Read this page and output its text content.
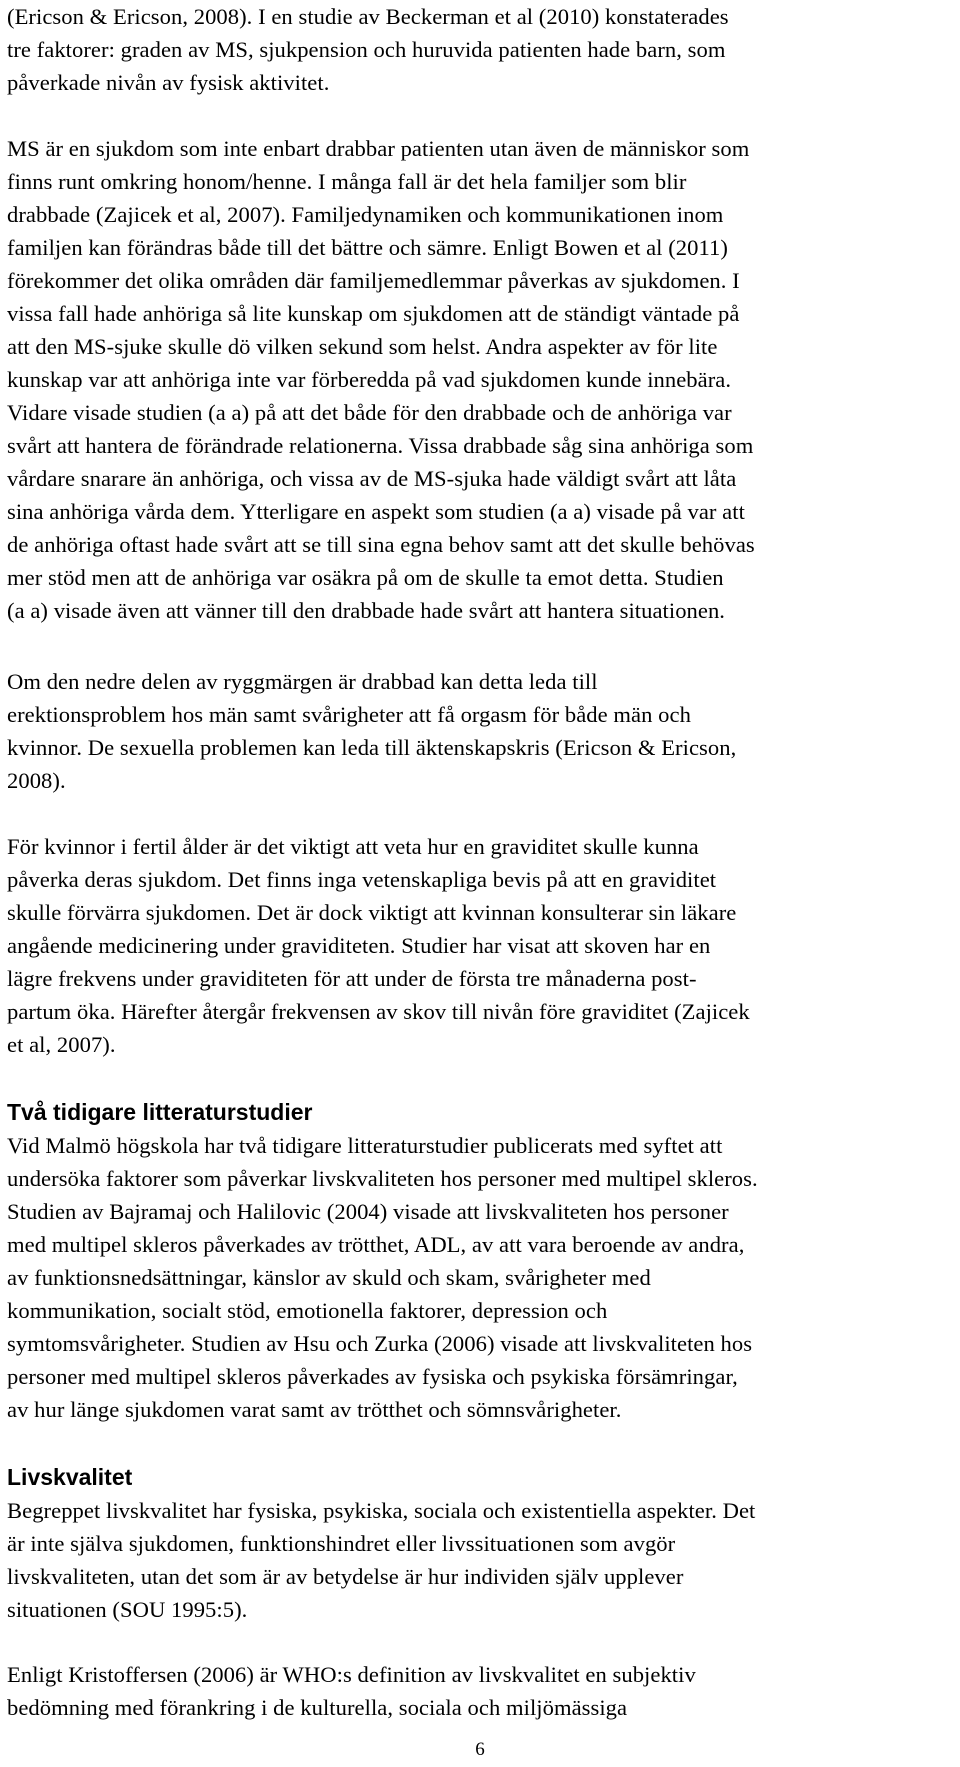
(Ericson & Ericson, 2008). I en studie av Beckerman et al (2010) konstaterades
tre faktorer: graden av MS, sjukpension och huruvida patienten hade barn, som
påverkade nivån av fysisk aktivitet.

MS är en sjukdom som inte enbart drabbar patienten utan även de människor som
finns runt omkring honom/henne. I många fall är det hela familjer som blir
drabbade (Zajicek et al, 2007). Familjedynamiken och kommunikationen inom
familjen kan förändras både till det bättre och sämre. Enligt Bowen et al (2011)
förekommer det olika områden där familjemedlemmar påverkas av sjukdomen. I
vissa fall hade anhöriga så lite kunskap om sjukdomen att de ständigt väntade på
att den MS-sjuke skulle dö vilken sekund som helst. Andra aspekter av för lite
kunskap var att anhöriga inte var förberedda på vad sjukdomen kunde innebära.
Vidare visade studien (a a) på att det både för den drabbade och de anhöriga var
svårt att hantera de förändrade relationerna. Vissa drabbade såg sina anhöriga som
vårdare snarare än anhöriga, och vissa av de MS-sjuka hade väldigt svårt att låta
sina anhöriga vårda dem. Ytterligare en aspekt som studien (a a) visade på var att
de anhöriga oftast hade svårt att se till sina egna behov samt att det skulle behövas
mer stöd men att de anhöriga var osäkra på om de skulle ta emot detta. Studien
(a a) visade även att vänner till den drabbade hade svårt att hantera situationen.

Om den nedre delen av ryggmärgen är drabbad kan detta leda till
erektionsproblem hos män samt svårigheter att få orgasm för både män och
kvinnor. De sexuella problemen kan leda till äktenskapskris (Ericson & Ericson,
2008).

För kvinnor i fertil ålder är det viktigt att veta hur en graviditet skulle kunna
påverka deras sjukdom. Det finns inga vetenskapliga bevis på att en graviditet
skulle förvärra sjukdomen. Det är dock viktigt att kvinnan konsulterar sin läkare
angående medicinering under graviditeten. Studier har visat att skoven har en
lägre frekvens under graviditeten för att under de första tre månaderna post-
partum öka. Härefter återgår frekvensen av skov till nivån före graviditet (Zajicek
et al, 2007).

Två tidigare litteraturstudier

Vid Malmö högskola har två tidigare litteraturstudier publicerats med syftet att
undersöka faktorer som påverkar livskvaliteten hos personer med multipel skleros.
Studien av Bajramaj och Halilovic (2004) visade att livskvaliteten hos personer
med multipel skleros påverkades av trötthet, ADL, av att vara beroende av andra,
av funktionsnedsättningar, känslor av skuld och skam, svårigheter med
kommunikation, socialt stöd, emotionella faktorer, depression och
symtomsvårigheter. Studien av Hsu och Zurka (2006) visade att livskvaliteten hos
personer med multipel skleros påverkades av fysiska och psykiska försämringar,
av hur länge sjukdomen varat samt av trötthet och sömnsvårigheter.

Livskvalitet

Begreppet livskvalitet har fysiska, psykiska, sociala och existentiella aspekter. Det
är inte själva sjukdomen, funktionshindret eller livssituationen som avgör
livskvaliteten, utan det som är av betydelse är hur individen själv upplever
situationen (SOU 1995:5).

Enligt Kristoffersen (2006) är WHO:s definition av livskvalitet en subjektiv
bedömning med förankring i de kulturella, sociala och miljömässiga

6
